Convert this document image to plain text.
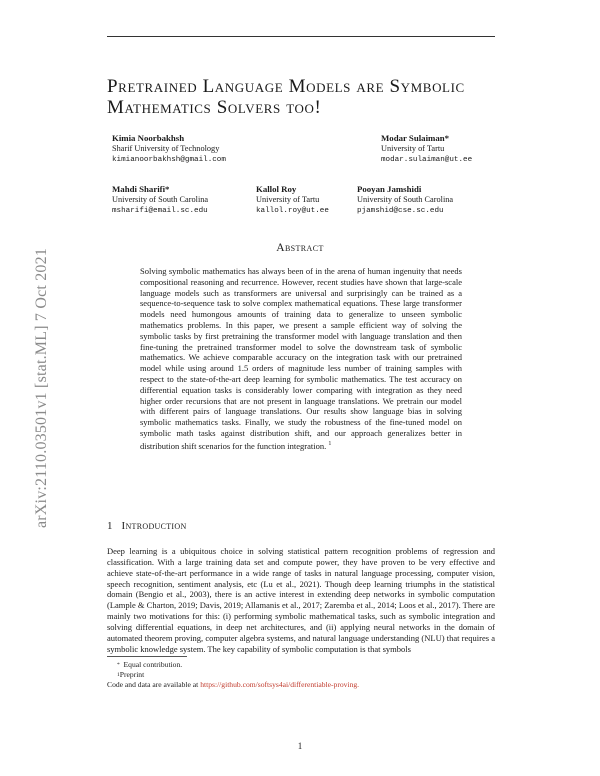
arXiv:2110.03501v1 [stat.ML] 7 Oct 2021
Pretrained Language Models are Symbolic
Mathematics Solvers too!
Kimia Noorbakhsh
Sharif University of Technology
kimianoorbakhsh@gmail.com
Modar Sulaiman*
University of Tartu
modar.sulaiman@ut.ee
Mahdi Sharifi*
University of South Carolina
msharifi@email.sc.edu
Kallol Roy
University of Tartu
kallol.roy@ut.ee
Pooyan Jamshidi
University of South Carolina
pjamshid@cse.sc.edu
Abstract
Solving symbolic mathematics has always been of in the arena of human ingenuity that needs compositional reasoning and recurrence. However, recent studies have shown that large-scale language models such as transformers are universal and surprisingly can be trained as a sequence-to-sequence task to solve complex mathematical equations. These large transformer models need humongous amounts of training data to generalize to unseen symbolic mathematics problems. In this paper, we present a sample efficient way of solving the symbolic tasks by first pretraining the transformer model with language translation and then fine-tuning the pretrained transformer model to solve the downstream task of symbolic mathematics. We achieve comparable accuracy on the integration task with our pretrained model while using around 1.5 orders of magnitude less number of training samples with respect to the state-of-the-art deep learning for symbolic mathematics. The test accuracy on differential equation tasks is considerably lower comparing with integration as they need higher order recursions that are not present in language translations. We pretrain our model with different pairs of language translations. Our results show language bias in solving symbolic mathematics tasks. Finally, we study the robustness of the fine-tuned model on symbolic math tasks against distribution shift, and our approach generalizes better in distribution shift scenarios for the function integration. $^1$
1 Introduction
Deep learning is a ubiquitous choice in solving statistical pattern recognition problems of regression and classification. With a large training data set and compute power, they have proven to be very effective and achieve state-of-the-art performance in a wide range of tasks in natural language processing, computer vision, speech recognition, sentiment analysis, etc (Lu et al., 2021). Though deep learning triumphs in the statistical domain (Bengio et al., 2003), there is an active interest in extending deep networks in symbolic computation (Lample & Charton, 2019; Davis, 2019; Allamanis et al., 2017; Zaremba et al., 2014; Loos et al., 2017). There are mainly two motivations for this: (i) performing symbolic mathematical tasks, such as symbolic integration and solving differential equations, in deep net architectures, and (ii) applying neural networks in the domain of automated theorem proving, computer algebra systems, and natural language understanding (NLU) that requires a symbolic knowledge system. The key capability of symbolic computation is that symbols
* Equal contribution.
$^1$Preprint
Code and data are available at https://github.com/softsys4ai/differentiable-proving.
1
